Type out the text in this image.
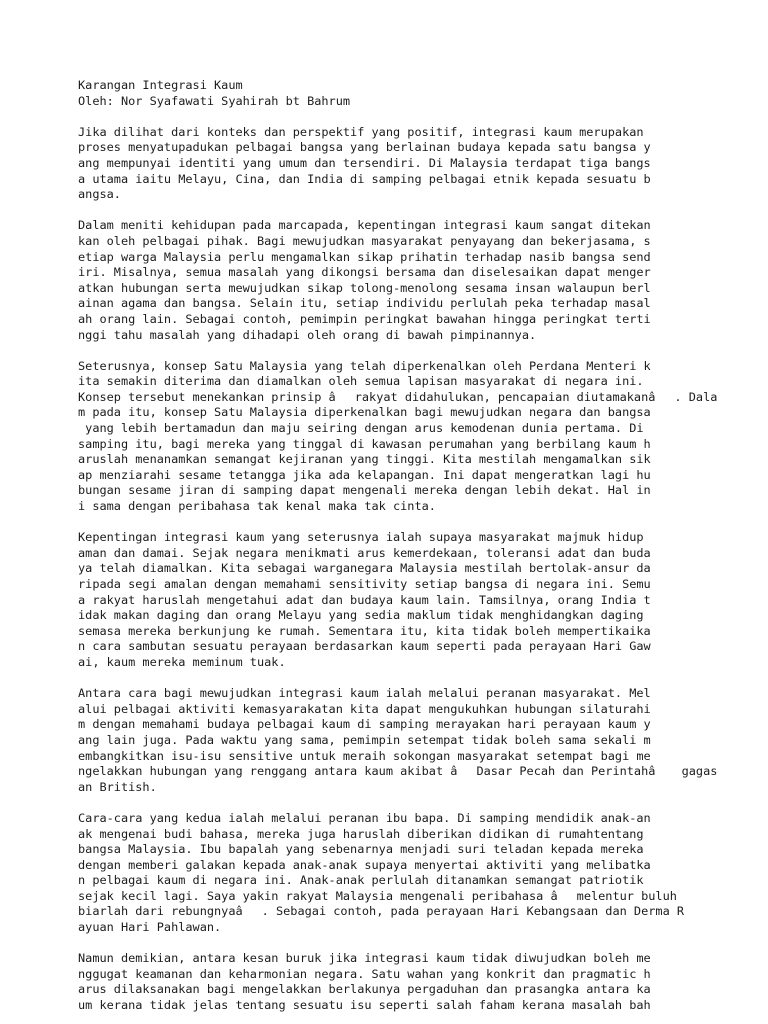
Karangan Integrasi Kaum
Oleh: Nor Syafawati Syahirah bt Bahrum
Jika dilihat dari konteks dan perspektif yang positif, integrasi kaum merupakan
proses menyatupadukan pelbagai bangsa yang berlainan budaya kepada satu bangsa y
ang mempunyai identiti yang umum dan tersendiri. Di Malaysia terdapat tiga bangs
a utama iaitu Melayu, Cina, dan India di samping pelbagai etnik kepada sesuatu b
angsa.
Dalam meniti kehidupan pada marcapada, kepentingan integrasi kaum sangat ditekan
kan oleh pelbagai pihak. Bagi mewujudkan masyarakat penyayang dan bekerjasama, s
etiap warga Malaysia perlu mengamalkan sikap prihatin terhadap nasib bangsa send
iri. Misalnya, semua masalah yang dikongsi bersama dan diselesaikan dapat menger
atkan hubungan serta mewujudkan sikap tolong-menolong sesama insan walaupun berl
ainan agama dan bangsa. Selain itu, setiap individu perlulah peka terhadap masal
ah orang lain. Sebagai contoh, pemimpin peringkat bawahan hingga peringkat terti
nggi tahu masalah yang dihadapi oleh orang di bawah pimpinannya.
Seterusnya, konsep Satu Malaysia yang telah diperkenalkan oleh Perdana Menteri k
ita semakin diterima dan diamalkan oleh semua lapisan masyarakat di negara ini.
Konsep tersebut menekankan prinsip ârakyat didahulukan, pencapaian diutamakanâ. Dala
m pada itu, konsep Satu Malaysia diperkenalkan bagi mewujudkan negara dan bangsa
yang lebih bertamadun dan maju seiring dengan arus kemodenan dunia pertama. Di
samping itu, bagi mereka yang tinggal di kawasan perumahan yang berbilang kaum h
aruslah menanamkan semangat kejiranan yang tinggi. Kita mestilah mengamalkan sik
ap menziarahi sesame tetangga jika ada kelapangan. Ini dapat mengeratkan lagi hu
bungan sesame jiran di samping dapat mengenali mereka dengan lebih dekat. Hal in
i sama dengan peribahasa tak kenal maka tak cinta.
Kepentingan integrasi kaum yang seterusnya ialah supaya masyarakat majmuk hidup
aman dan damai. Sejak negara menikmati arus kemerdekaan, toleransi adat dan buda
ya telah diamalkan. Kita sebagai warganegara Malaysia mestilah bertolak-ansur da
ripada segi amalan dengan memahami sensitivity setiap bangsa di negara ini. Semu
a rakyat haruslah mengetahui adat dan budaya kaum lain. Tamsilnya, orang India t
idak makan daging dan orang Melayu yang sedia maklum tidak menghidangkan daging
semasa mereka berkunjung ke rumah. Sementara itu, kita tidak boleh mempertikaika
n cara sambutan sesuatu perayaan berdasarkan kaum seperti pada perayaan Hari Gaw
ai, kaum mereka meminum tuak.
Antara cara bagi mewujudkan integrasi kaum ialah melalui peranan masyarakat. Mel
alui pelbagai aktiviti kemasyarakatan kita dapat mengukuhkan hubungan silaturahi
m dengan memahami budaya pelbagai kaum di samping merayakan hari perayaan kaum y
ang lain juga. Pada waktu yang sama, pemimpin setempat tidak boleh sama sekali m
embangkitkan isu-isu sensitive untuk meraih sokongan masyarakat setempat bagi me
ngelakkan hubungan yang renggang antara kaum akibat âDasar Pecah dan Perintahâ gagas
an British.
Cara-cara yang kedua ialah melalui peranan ibu bapa. Di samping mendidik anak-an
ak mengenai budi bahasa, mereka juga haruslah diberikan didikan di rumahtentang
bangsa Malaysia. Ibu bapalah yang sebenarnya menjadi suri teladan kepada mereka
dengan memberi galakan kepada anak-anak supaya menyertai aktiviti yang melibatka
n pelbagai kaum di negara ini. Anak-anak perlulah ditanamkan semangat patriotik
sejak kecil lagi. Saya yakin rakyat Malaysia mengenali peribahasa âmelentur buluh
biarlah dari rebungnyaâ. Sebagai contoh, pada perayaan Hari Kebangsaan dan Derma R
ayuan Hari Pahlawan.
Namun demikian, antara kesan buruk jika integrasi kaum tidak diwujudkan boleh me
nggugat keamanan dan keharmonian negara. Satu wahan yang konkrit dan pragmatic h
arus dilaksanakan bagi mengelakkan berlakunya pergaduhan dan prasangka antara ka
um kerana tidak jelas tentang sesuatu isu seperti salah faham kerana masalah bah
